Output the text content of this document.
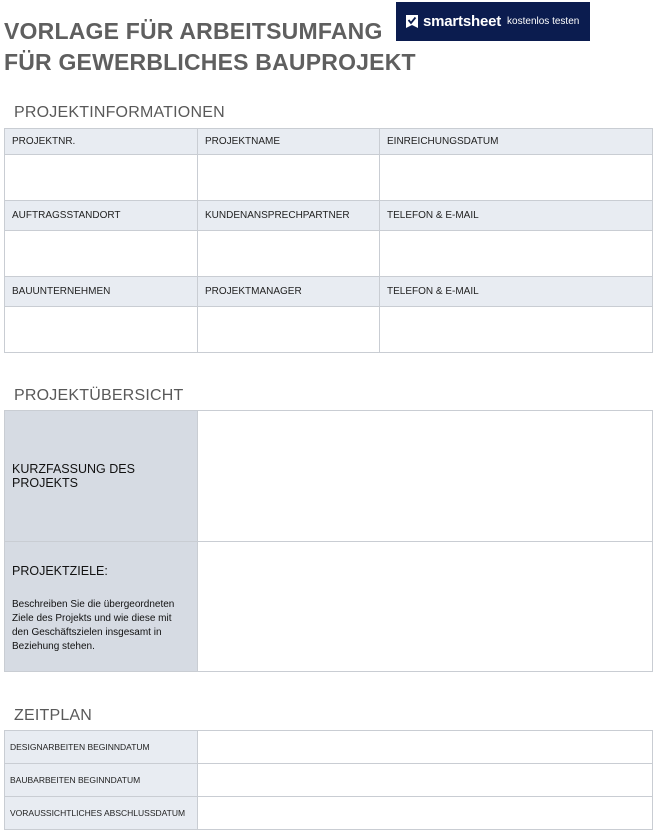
VORLAGE FÜR ARBEITSUMFANG
FÜR GEWERBLICHES BAUPROJEKT
smartsheet kostenlos testen
PROJEKTINFORMATIONEN
PROJEKTNR.	PROJEKTNAME	EINREICHUNGSDATUM

AUFTRAGSSTANDORT	KUNDENANSPRECHPARTNER	TELEFON & E-MAIL

BAUUNTERNEHMEN	PROJEKTMANAGER	TELEFON & E-MAIL

PROJEKTÜBERSICHT
KURZFASSUNG DES PROJEKTS	

PROJEKTZIELE:
Beschreiben Sie die übergeordneten Ziele des Projekts und wie diese mit den Geschäftszielen insgesamt in Beziehung stehen.	

ZEITPLAN
DESIGNARBEITEN BEGINNDATUM	
BAUBARBEITEN BEGINNDATUM	
VORAUSSICHTLICHES ABSCHLUSSDATUM	
